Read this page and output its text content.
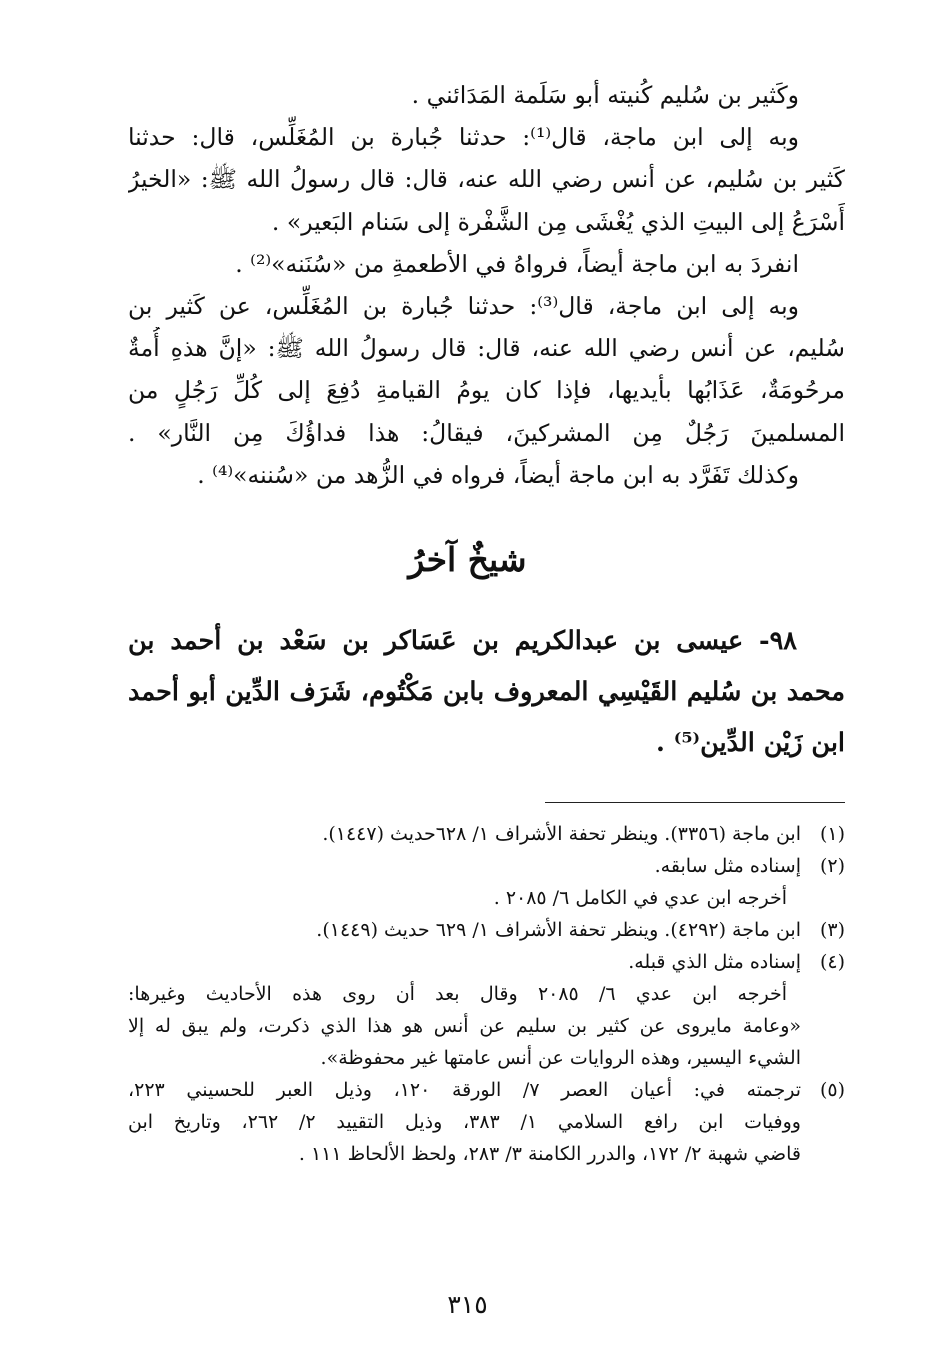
وكَثير بن سُليم كُنيته أبو سَلَمة المَدَائني .
وبه إلى ابن ماجة، قال⁽¹⁾: حدثنا جُبارة بن المُغَلِّس، قال: حدثنا
كَثير بن سُليم، عن أنس رضي الله عنه، قال: قال رسولُ الله ﷺ: «الخيرُ
أَسْرَعُ إلى البيتِ الذي يُغْشَى مِن الشَّفْرة إلى سَنام البَعير» .
انفردَ به ابن ماجة أيضاً، فرواهُ في الأطعمةِ من «سُنَنه»⁽²⁾ .
وبه إلى ابن ماجة، قال⁽³⁾: حدثنا جُبارة بن المُغَلِّس، عن كَثير بن
سُليم، عن أنس رضي الله عنه، قال: قال رسولُ الله ﷺ: «إنَّ هذهِ أُمةٌ
مرحُومَةٌ، عَذَابُها بأيديها، فإذا كان يومُ القيامةِ دُفِعَ إلى كُلِّ رَجُلٍ من
المسلمينَ رَجُلٌ مِن المشركينَ، فيقالُ: هذا فداؤُكَ مِن النَّار» .
وكذلك تَفَرَّد به ابن ماجة أيضاً، فرواه في الزُّهد من «سُننه»⁽⁴⁾ .
شيخٌ آخرُ
٩٨- عيسى بن عبدالكريم بن عَسَاكر بن سَعْد بن أحمد بن
محمد بن سُليم القَيْسِي المعروف بابن مَكْتُوم، شَرَف الدِّين أبو أحمد
ابن زَيْن الدِّين⁽⁵⁾ .
(١)
ابن ماجة (٣٣٥٦). وينظر تحفة الأشراف ١/ ٦٢٨حديث (١٤٤٧).
(٢)
إسناده مثل سابقه.
أخرجه ابن عدي في الكامل ٦/ ٢٠٨٥ .
(٣)
ابن ماجة (٤٢٩٢). وينظر تحفة الأشراف ١/ ٦٢٩ حديث (١٤٤٩).
(٤)
إسناده مثل الذي قبله.
أخرجه ابن عدي ٦/ ٢٠٨٥ وقال بعد أن روى هذه الأحاديث وغيرها:
«وعامة مايروى عن كثير بن سليم عن أنس هو هذا الذي ذكرت، ولم يبق له إلا
الشيء اليسير، وهذه الروايات عن أنس عامتها غير محفوظة».
(٥)
ترجمته في: أعيان العصر ٧/ الورقة ١٢٠، وذيل العبر للحسيني ٢٢٣،
ووفيات ابن رافع السلامي ١/ ٣٨٣، وذيل التقييد ٢/ ٢٦٢، وتاريخ ابن
قاضي شهبة ٢/ ١٧٢، والدرر الكامنة ٣/ ٢٨٣، ولحظ الألحاظ ١١١ .
٣١٥
